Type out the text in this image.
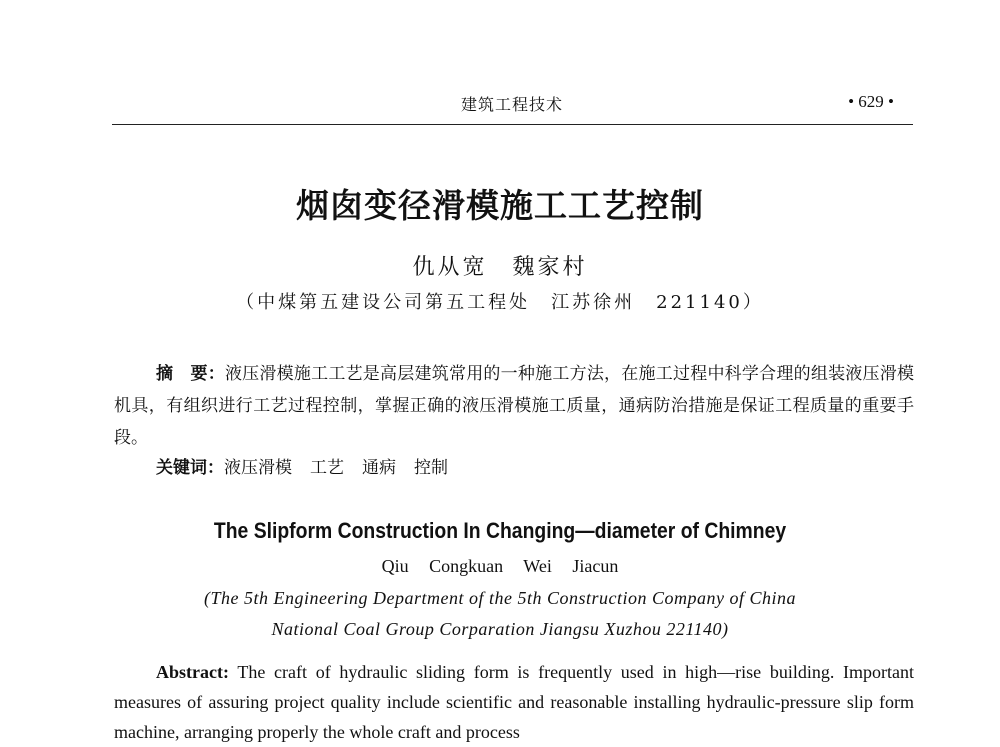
建筑工程技术	• 629 •
烟囱变径滑模施工工艺控制
仇从宽　魏家村
（中煤第五建设公司第五工程处　江苏徐州　221140）
摘　要：液压滑模施工工艺是高层建筑常用的一种施工方法，在施工过程中科学合理的组装液压滑模机具，有组织进行工艺过程控制，掌握正确的液压滑模施工质量，通病防治措施是保证工程质量的重要手段。
关键词：液压滑模 工艺 通病 控制
The Slipform Construction In Changing—diameter of Chimney
Qiu Congkuan Wei Jiacun
(The 5th Engineering Department of the 5th Construction Company of China
National Coal Group Corparation Jiangsu Xuzhou 221140)
Abstract: The craft of hydraulic sliding form is frequently used in high—rise building. Important measures of assuring project quality include scientific and reasonable installing hydraulic-pressure slip form machine, arranging properly the whole craft and process
